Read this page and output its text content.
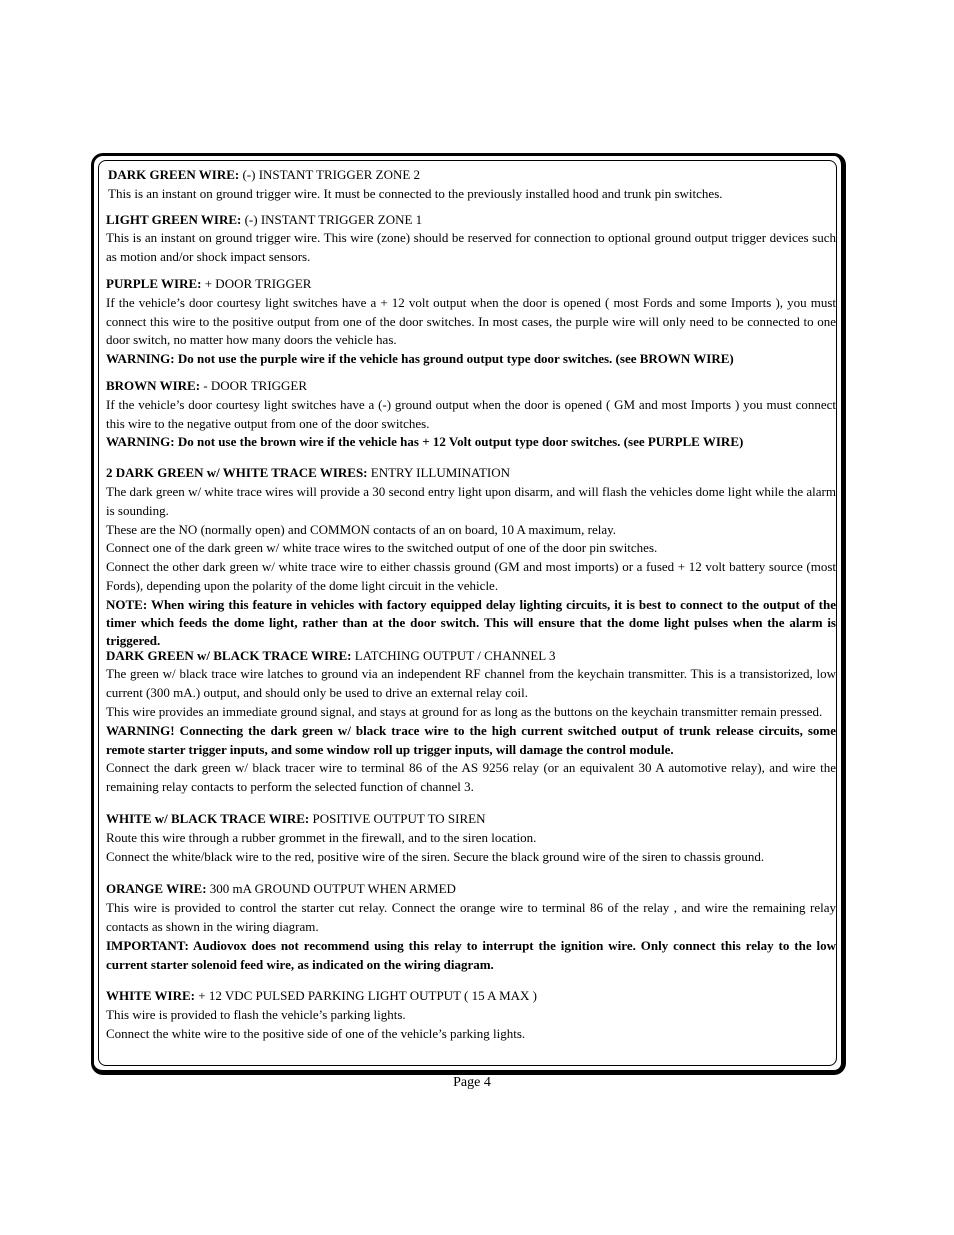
DARK GREEN WIRE: (-) INSTANT TRIGGER ZONE 2
This is an instant on ground trigger wire. It must be connected to the previously installed hood and trunk pin switches.
LIGHT GREEN WIRE: (-) INSTANT TRIGGER ZONE 1
This is an instant on ground trigger wire. This wire (zone) should be reserved for connection to optional ground output trigger devices such as motion and/or shock impact sensors.
PURPLE WIRE: + DOOR TRIGGER
If the vehicle’s door courtesy light switches have a + 12 volt output when the door is opened ( most Fords and some Imports ), you must connect this wire to the positive output from one of the door switches. In most cases, the purple wire will only need to be connected to one door switch, no matter how many doors the vehicle has.
WARNING: Do not use the purple wire if the vehicle has ground output type door switches. (see BROWN WIRE)
BROWN WIRE: - DOOR TRIGGER
If the vehicle’s door courtesy light switches have a (-) ground output when the door is opened ( GM and most Imports ) you must connect this wire to the negative output from one of the door switches.
WARNING: Do not use the brown wire if the vehicle has + 12 Volt output type door switches. (see PURPLE WIRE)
2 DARK GREEN w/ WHITE TRACE WIRES: ENTRY ILLUMINATION
The dark green w/ white trace wires will provide a 30 second entry light upon disarm, and will flash the vehicles dome light while the alarm is sounding.
These are the NO (normally open) and COMMON contacts of an on board, 10 A maximum, relay.
Connect one of the dark green w/ white trace wires to the switched output of one of the door pin switches.
Connect the other dark green w/ white trace wire to either chassis ground (GM and most imports) or a fused + 12 volt battery source (most Fords), depending upon the polarity of the dome light circuit in the vehicle.
NOTE: When wiring this feature in vehicles with factory equipped delay lighting circuits, it is best to connect to the output of the timer which feeds the dome light, rather than at the door switch. This will ensure that the dome light pulses when the alarm is triggered.
DARK GREEN w/ BLACK TRACE WIRE: LATCHING OUTPUT / CHANNEL 3
The green w/ black trace wire latches to ground via an independent RF channel from the keychain transmitter. This is a transistorized, low current (300 mA.) output, and should only be used to drive an external relay coil.
This wire provides an immediate ground signal, and stays at ground for as long as the buttons on the keychain transmitter remain pressed.
WARNING! Connecting the dark green w/ black trace wire to the high current switched output of trunk release circuits, some remote starter trigger inputs, and some window roll up trigger inputs, will damage the control module.
Connect the dark green w/ black tracer wire to terminal 86 of the AS 9256 relay (or an equivalent 30 A automotive relay), and wire the remaining relay contacts to perform the selected function of channel 3.
WHITE w/ BLACK TRACE WIRE: POSITIVE OUTPUT TO SIREN
Route this wire through a rubber grommet in the firewall, and to the siren location.
Connect the white/black wire to the red, positive wire of the siren. Secure the black ground wire of the siren to chassis ground.
ORANGE WIRE: 300 mA GROUND OUTPUT WHEN ARMED
This wire is provided to control the starter cut relay. Connect the orange wire to terminal 86 of the relay , and wire the remaining relay contacts as shown in the wiring diagram.
IMPORTANT: Audiovox does not recommend using this relay to interrupt the ignition wire. Only connect this relay to the low current starter solenoid feed wire, as indicated on the wiring diagram.
WHITE WIRE: + 12 VDC PULSED PARKING LIGHT OUTPUT ( 15 A MAX )
This wire is provided to flash the vehicle’s parking lights.
Connect the white wire to the positive side of one of the vehicle’s parking lights.
Page 4
